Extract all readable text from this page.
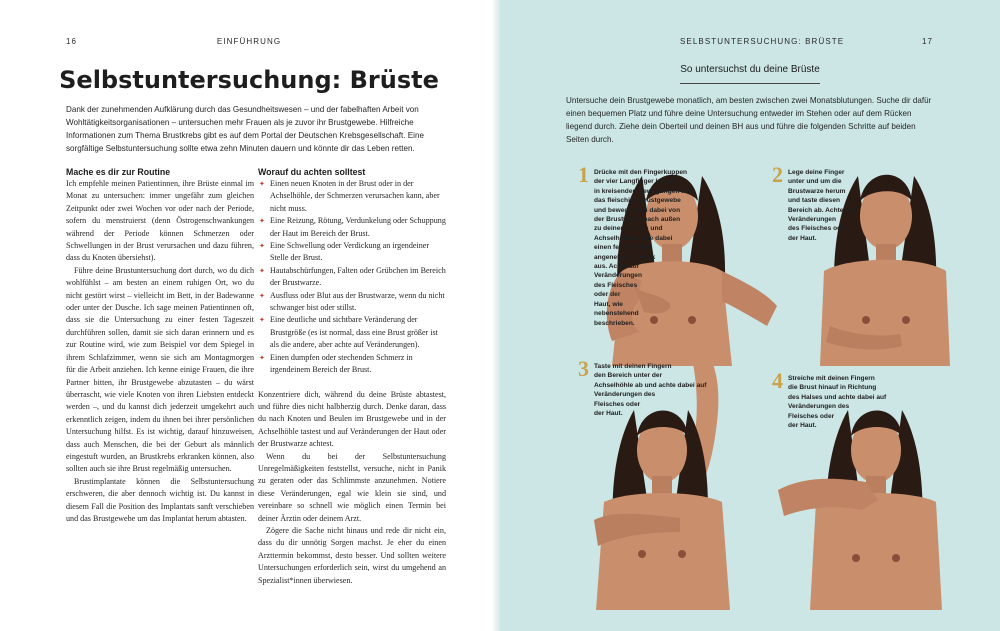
16	EINFÜHRUNG
Selbstuntersuchung: Brüste

Dank der zunehmenden Aufklärung durch das Gesundheitswesen – und der fabelhaften Arbeit von Wohltätigkeitsorganisationen – untersuchen mehr Frauen als je zuvor ihr Brustgewebe. Hilfreiche Informationen zum Thema Brustkrebs gibt es auf dem Portal der Deutschen Krebsgesellschaft. Eine sorgfältige Selbstuntersuchung sollte etwa zehn Minuten dauern und könnte dir das Leben retten.

Mache es dir zur Routine

Ich empfehle meinen Patientinnen, ihre Brüste einmal im Monat zu untersuchen: immer ungefähr zum gleichen Zeitpunkt oder zwei Wochen vor oder nach der Periode, sofern du menstruierst (denn Östrogenschwankungen während der Periode können Schmerzen oder Schwellungen in der Brust verursachen und dazu führen, dass du Knoten übersiehst).

Führe deine Brustuntersuchung dort durch, wo du dich wohlfühlst – am besten an einem ruhigen Ort, wo du nicht gestört wirst – vielleicht im Bett, in der Badewanne oder unter der Dusche. Ich sage meinen Patientinnen oft, dass sie die Untersuchung zu einer festen Tageszeit durchführen sollen, damit sie sich daran erinnern und es zur Routine wird, wie zum Beispiel vor dem Spiegel in ihrem Schlafzimmer, wenn sie sich am Montagmorgen für die Arbeit anziehen. Ich kenne einige Frauen, die ihre Partner bitten, ihr Brustgewebe abzutasten – du wärst überrascht, wie viele Knoten von ihren Liebsten entdeckt werden –, und du kannst dich jederzeit umgekehrt auch erkenntlich zeigen, indem du ihnen bei ihrer persönlichen Untersuchung hilfst. Es ist wichtig, darauf hinzuweisen, dass auch Menschen, die bei der Geburt als männlich eingestuft wurden, an Brustkrebs erkranken können, also sollten auch sie ihre Brust regelmäßig untersuchen.

Brustimplantate können die Selbstuntersuchung erschweren, die aber dennoch wichtig ist. Du kannst in diesem Fall die Position des Implantats sanft verschieben und das Brustgewebe um das Implantat herum abtasten.

Worauf du achten solltest

✦ Einen neuen Knoten in der Brust oder in der Achselhöhle, der Schmerzen verursachen kann, aber nicht muss.
✦ Eine Reizung, Rötung, Verdunkelung oder Schuppung der Haut im Bereich der Brust.
✦ Eine Schwellung oder Verdickung an irgendeiner Stelle der Brust.
✦ Hautabschürfungen, Falten oder Grübchen im Bereich der Brustwarze.
✦ Ausfluss oder Blut aus der Brustwarze, wenn du nicht schwanger bist oder stillst.
✦ Eine deutliche und sichtbare Veränderung der Brustgröße (es ist normal, dass eine Brust größer ist als die andere, aber achte auf Veränderungen).
✦ Einen dumpfen oder stechenden Schmerz in irgendeinem Bereich der Brust.

Konzentriere dich, während du deine Brüste abtastest, und führe dies nicht halbherzig durch. Denke daran, dass du nach Knoten und Beulen im Brustgewebe und in der Achselhöhle tastest und auf Veränderungen der Haut oder der Brustwarze achtest.

Wenn du bei der Selbstuntersuchung Unregelmäßigkeiten feststellst, versuche, nicht in Panik zu geraten oder das Schlimmste anzunehmen. Notiere diese Veränderungen, egal wie klein sie sind, und vereinbare so schnell wie möglich einen Termin bei deiner Ärztin oder deinem Arzt.

Zögere die Sache nicht hinaus und rede dir nicht ein, dass du dir unnötig Sorgen machst. Je eher du einen Arzttermin bekommst, desto besser. Und sollten weitere Untersuchungen erforderlich sein, wirst du umgehend an Spezialist*innen überwiesen.

SELBSTUNTERSUCHUNG: BRÜSTE	17
So untersuchst du deine Brüste

Untersuche dein Brustgewebe monatlich, am besten zwischen zwei Monatsblutungen. Suche dir dafür einen bequemen Platz und führe deine Untersuchung entweder im Stehen oder auf dem Rücken liegend durch. Ziehe dein Oberteil und deinen BH aus und führe die folgenden Schritte auf beiden Seiten durch.

1 Drücke mit den Fingerkuppen
der vier Langfinger langsam
in kreisenden Bewegungen auf
das fleischige Brustgewebe
und bewege dich dabei von
der Brustwarze nach außen
zu deinen Rippen und
Achselhöhlen. Übe dabei
einen festen, aber
angenehmen Druck
aus. Achte auf
Veränderungen
des Fleisches
oder der
Haut, wie
nebenstehend
beschrieben.
2 Lege deine Finger
unter und um die
Brustwarze herum
und taste diesen
Bereich ab. Achte auf
Veränderungen
des Fleisches oder
der Haut.
3 Taste mit deinen Fingern
den Bereich unter der
Achselhöhle ab und achte dabei auf
Veränderungen des
Fleisches oder
der Haut.
4 Streiche mit deinen Fingern
die Brust hinauf in Richtung
des Halses und achte dabei auf
Veränderungen des
Fleisches oder
der Haut.
